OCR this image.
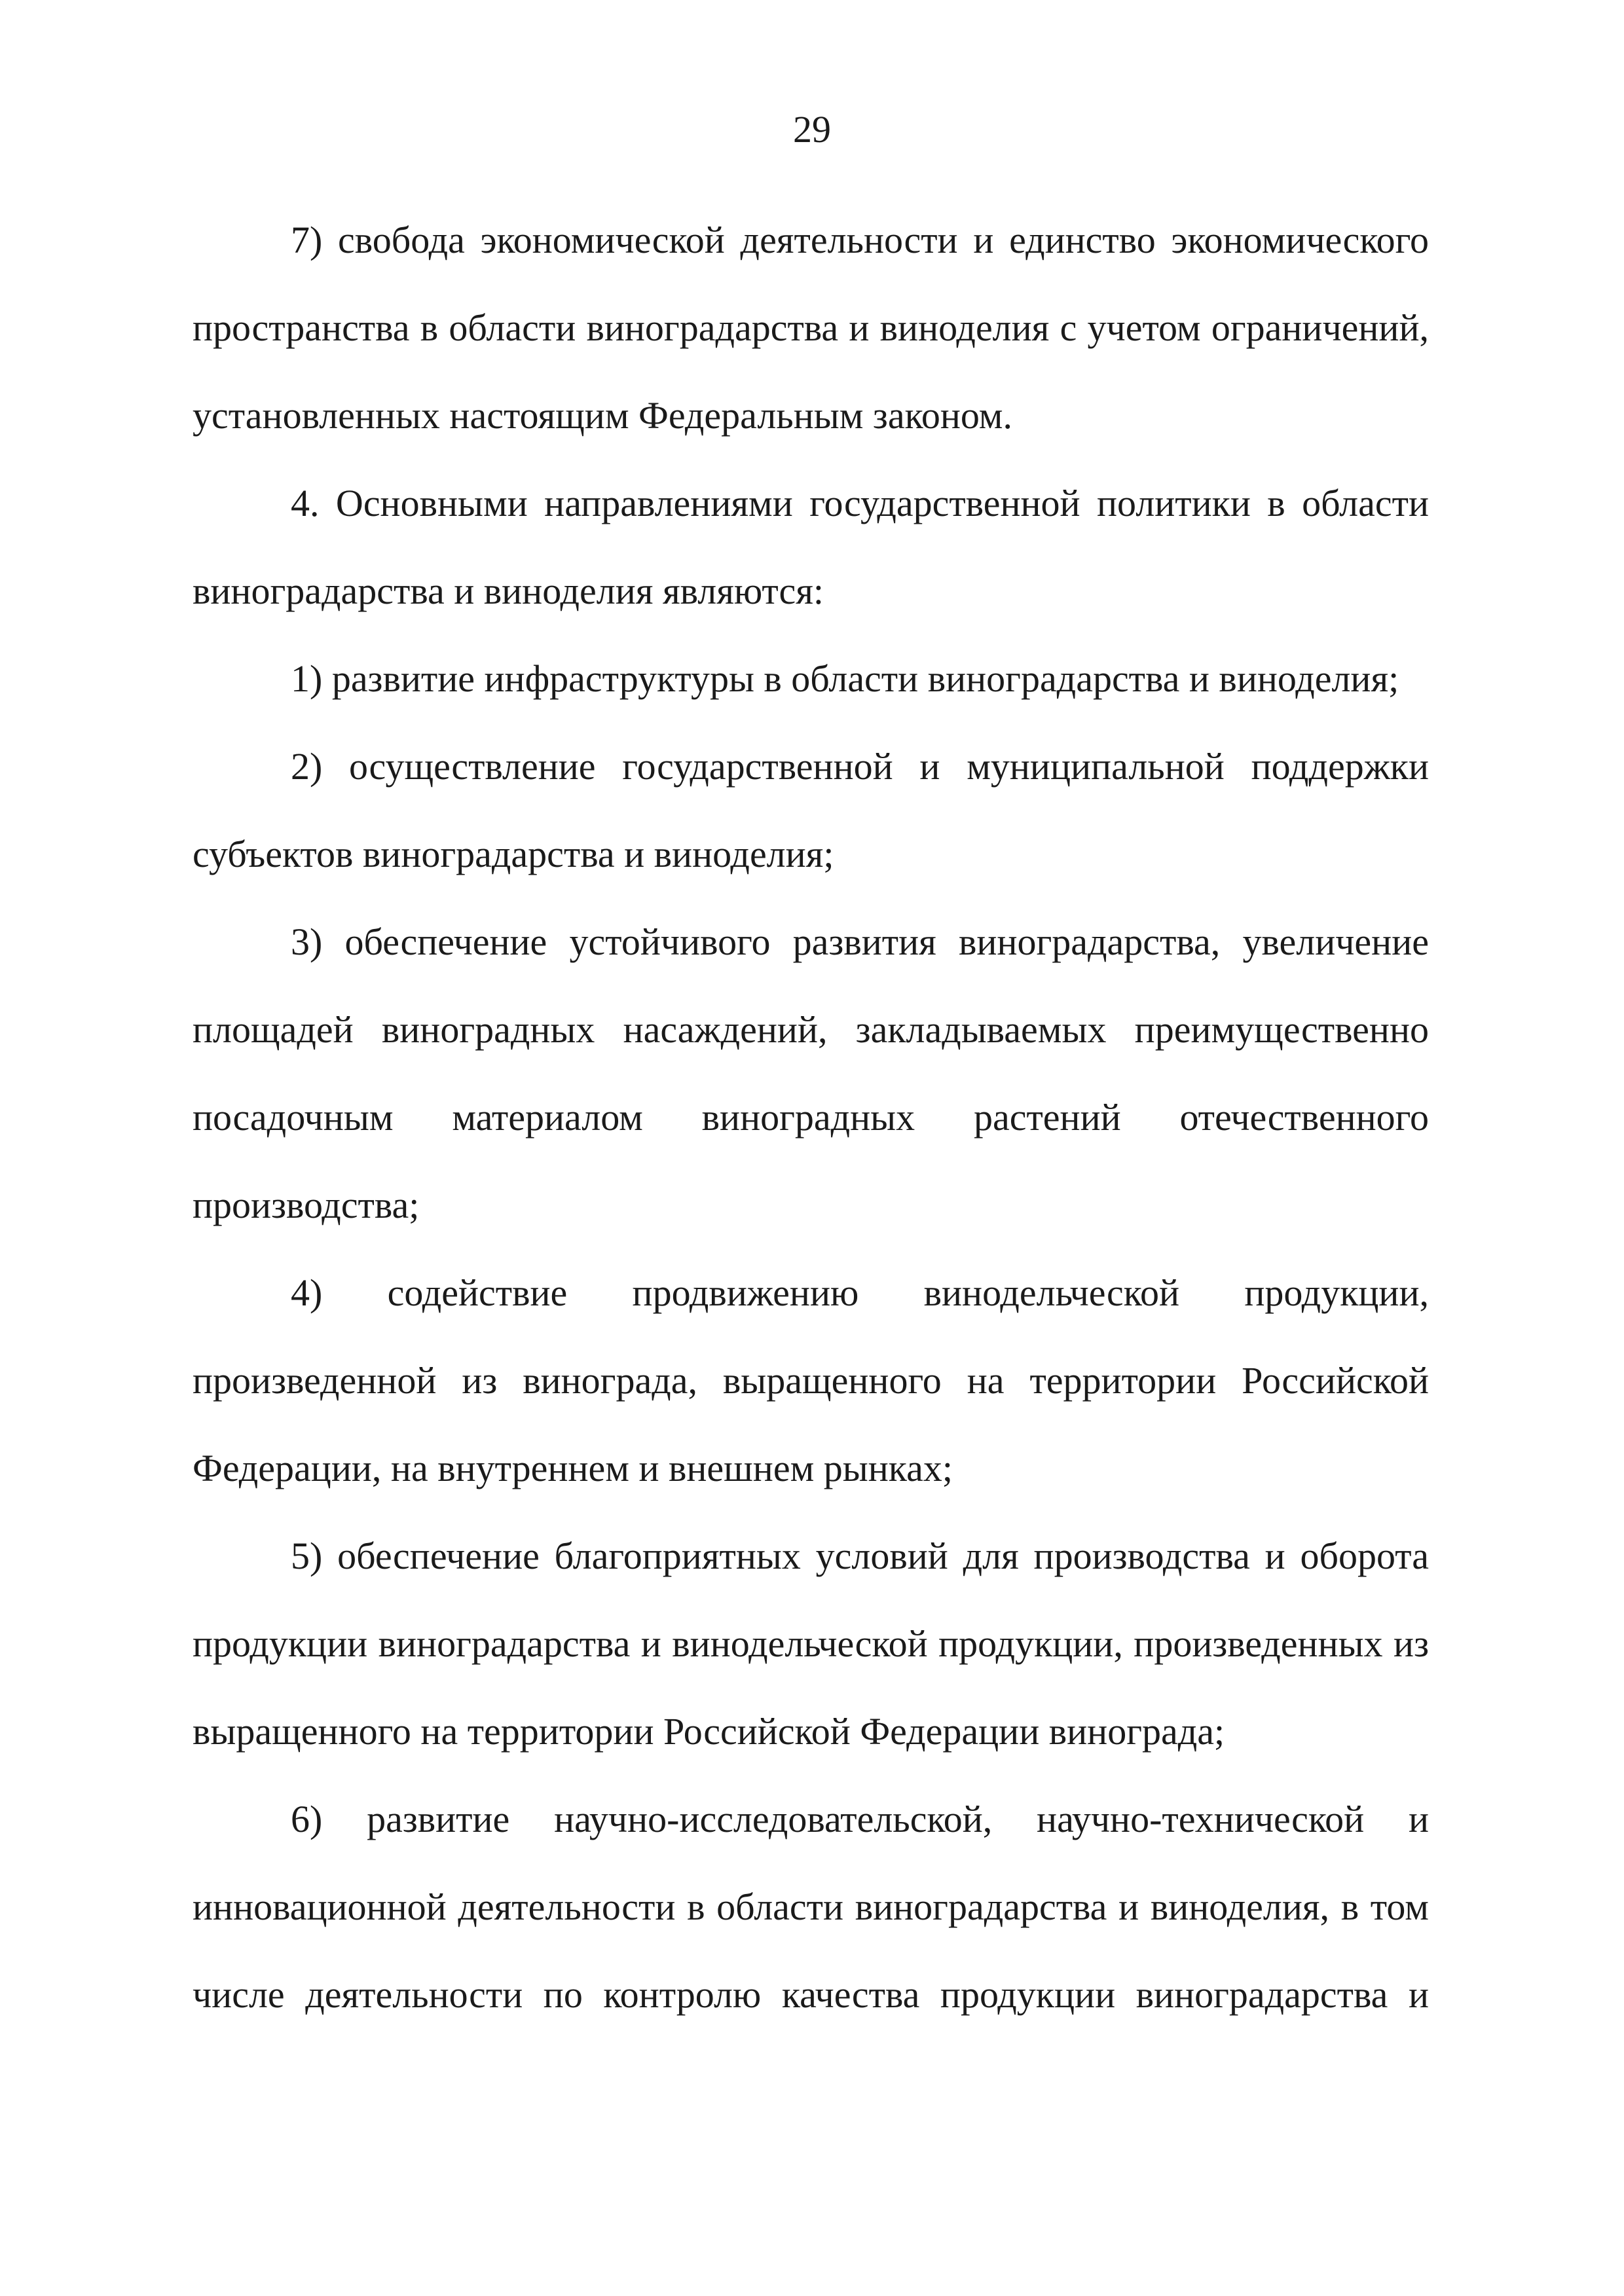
29

7) свобода экономической деятельности и единство экономического пространства в области виноградарства и виноделия с учетом ограничений, установленных настоящим Федеральным законом.

4. Основными направлениями государственной политики в области виноградарства и виноделия являются:

1) развитие инфраструктуры в области виноградарства и виноделия;

2) осуществление государственной и муниципальной поддержки субъектов виноградарства и виноделия;

3) обеспечение устойчивого развития виноградарства, увеличение площадей виноградных насаждений, закладываемых преимущественно посадочным материалом виноградных растений отечественного производства;

4) содействие продвижению винодельческой продукции, произведенной из винограда, выращенного на территории Российской Федерации, на внутреннем и внешнем рынках;

5) обеспечение благоприятных условий для производства и оборота продукции виноградарства и винодельческой продукции, произведенных из выращенного на территории Российской Федерации винограда;

6) развитие научно-исследовательской, научно-технической и инновационной деятельности в области виноградарства и виноделия, в том числе деятельности по контролю качества продукции виноградарства и
